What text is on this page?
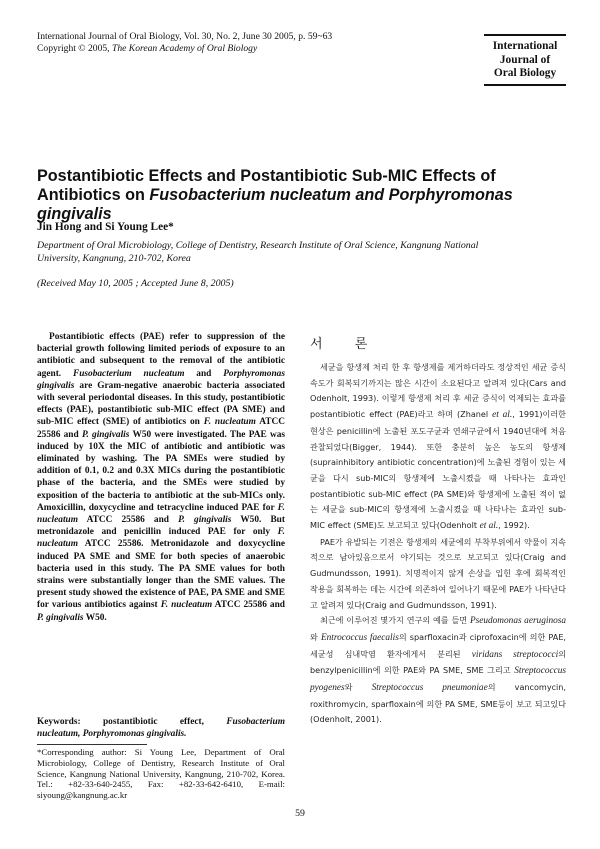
International Journal of Oral Biology, Vol. 30, No. 2, June 30 2005, p. 59~63
Copyright © 2005, The Korean Academy of Oral Biology	International
Journal of
Oral Biology
Postantibiotic Effects and Postantibiotic Sub-MIC Effects of
Antibiotics on Fusobacterium nucleatum and Porphyromonas gingivalis
Jin Hong and Si Young Lee*
Department of Oral Microbiology, College of Dentistry, Research Institute of Oral Science, Kangnung National University, Kangnung, 210-702, Korea
(Received May 10, 2005 ; Accepted June 8, 2005)
Postantibiotic effects (PAE) refer to suppression of the bacterial growth following limited periods of exposure to an antibiotic and subsequent to the removal of the antibiotic agent. Fusobacterium nucleatum and Porphyromonas gingivalis are Gram-negative anaerobic bacteria associated with several periodontal diseases. In this study, postantibiotic effects (PAE), postantibiotic sub-MIC effect (PA SME) and sub-MIC effect (SME) of antibiotics on F. nucleatum ATCC 25586 and P. gingivalis W50 were investigated. The PAE was induced by 10X the MIC of antibiotic and antibiotic was eliminated by washing. The PA SMEs were studied by addition of 0.1, 0.2 and 0.3X MICs during the postantibiotic phase of the bacteria, and the SMEs were studied by exposition of the bacteria to antibiotic at the sub-MICs only. Amoxicillin, doxycycline and tetracycline induced PAE for F. nucleatum ATCC 25586 and P. gingivalis W50. But metronidazole and penicillin induced PAE for only F. nucleatum ATCC 25586. Metronidazole and doxycycline induced PA SME and SME for both species of anaerobic bacteria used in this study. The PA SME values for both strains were substantially longer than the SME values. The present study showed the existence of PAE, PA SME and SME for various antibiotics against F. nucleatum ATCC 25586 and P. gingivalis W50.
Keywords: postantibiotic     effect, Fusobacterium nucleatum, Porphyromonas gingivalis.
*Corresponding author: Si Young Lee, Department of Oral Microbiology, College of Dentistry, Research Institute of Oral Science, Kangnung National University, Kangnung, 210-702, Korea. Tel.: +82-33-640-2455, Fax: +82-33-642-6410, E-mail: siyoung@kangnung.ac.kr
서 론

세균을 항생제 처리 한 후 항생제를 제거하더라도 정상적인 세균 증식속도가 회복되기까지는 많은 시간이 소요된다고 알려져 있다(Cars and Odenholt, 1993). 이렇게 항생제 처리 후 세균 증식이 억제되는 효과를 postantibiotic effect (PAE)라고 하며 (Zhanel et al., 1991)이러한 현상은 penicillin에 노출된 포도구균과 연쇄구균에서 1940년대에 처음 관찰되었다(Bigger, 1944). 또한 충분히 높은 농도의 항생제(suprainhibitory antibiotic concentration)에 노출된 경험이 있는 세균을 다시 sub-MIC의 항생제에 노출시켰을 때 나타나는 효과인 postantibiotic sub-MIC effect (PA SME)와 항생제에 노출된 적이 없는 세균을 sub-MIC의 항생제에 노출시켰을 때 나타나는 효과인 sub-MIC effect (SME)도 보고되고 있다(Odenholt et al., 1992).

PAE가 유발되는 기전은 항생제의 세균에의 부착부위에서 약물이 지속적으로 남아있음으로서 야기되는 것으로 보고되고 있다(Craig and Gudmundsson, 1991). 치명적이지 않게 손상을 입힌 후에 회복적인 작용을 회복하는 데는 시간에 의존하여 일어나기 때문에 PAE가 나타난다고 알려져 있다(Craig and Gudmundsson, 1991).

최근에 이루어진 몇가지 연구의 예를 들면 Pseudomonas aeruginosa와 Entrococcus faecalis의 sparfloxacin과 ciprofoxacin에 의한 PAE, 세균성 심내막염 환자에게서 분리된 viridans streptococci의 benzylpenicillin에 의한 PAE와 PA SME, SME 그리고 Streptococcus pyogenes와 Streptococcus pneumoniae의 vancomycin, roxithromycin, sparfloxain에 의한 PA SME, SME등이 보고 되고있다 (Odenholt, 2001).

59
